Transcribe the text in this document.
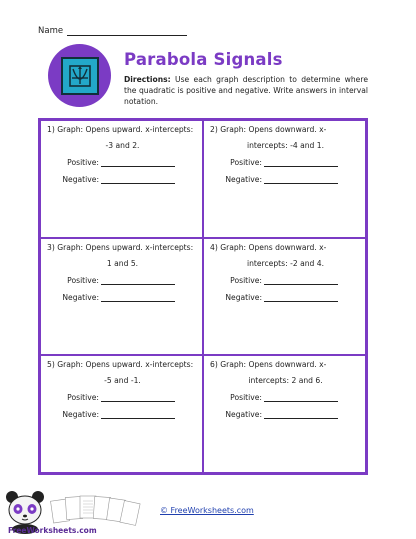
Name
Parabola Signals
Directions: Use each graph description to determine where the quadratic is positive and negative. Write answers in interval notation.
1) Graph: Opens upward. x-intercepts:
-3 and 2.
Positive:
Negative:
2) Graph: Opens downward. x-
intercepts: -4 and 1.
Positive:
Negative:
3) Graph: Opens upward. x-intercepts:
1 and 5.
Positive:
Negative:
4) Graph: Opens downward. x-
intercepts: -2 and 4.
Positive:
Negative:
5) Graph: Opens upward. x-intercepts:
-5 and -1.
Positive:
Negative:
6) Graph: Opens downward. x-
intercepts: 2 and 6.
Positive:
Negative:
FreeWorksheets.com
© FreeWorksheets.com
